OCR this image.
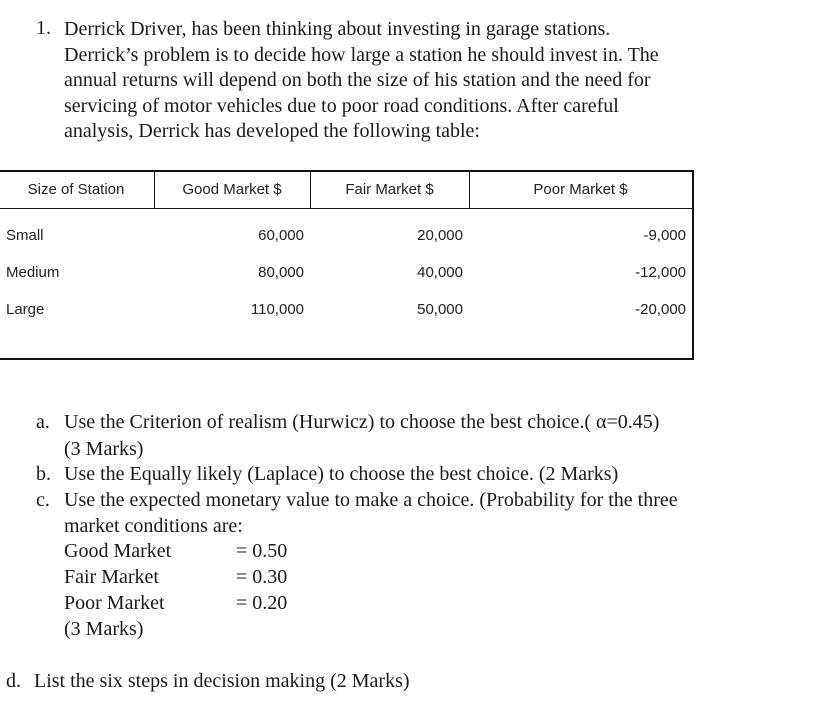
1. Derrick Driver, has been thinking about investing in garage stations.
Derrick’s problem is to decide how large a station he should invest in. The
annual returns will depend on both the size of his station and the need for
servicing of motor vehicles due to poor road conditions. After careful
analysis, Derrick has developed the following table:
Size of Station	Good Market $	Fair Market $	Poor Market $
Small	60,000	20,000	-9,000
Medium	80,000	40,000	-12,000
Large	110,000	50,000	-20,000
a. Use the Criterion of realism (Hurwicz) to choose the best choice.( α=0.45)
(3 Marks)
b. Use the Equally likely (Laplace) to choose the best choice. (2 Marks)
c. Use the expected monetary value to make a choice. (Probability for the three
market conditions are:
Good Market	= 0.50
Fair Market	= 0.30
Poor Market	= 0.20
(3 Marks)
d. List the six steps in decision making (2 Marks)
